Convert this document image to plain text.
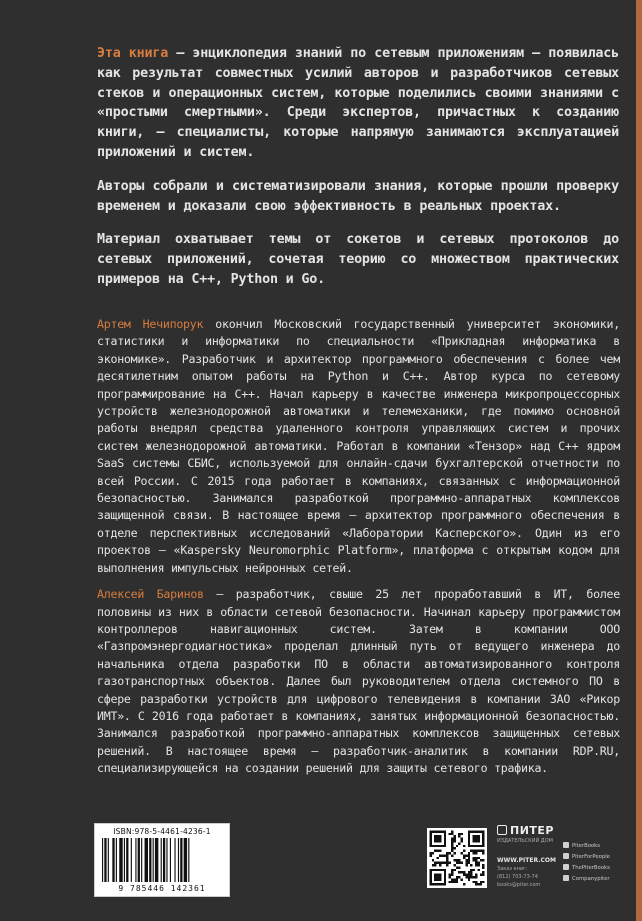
Эта книга — энциклопедия знаний по сетевым приложениям — появилась как результат совместных усилий авторов и разработчиков сетевых стеков и операционных систем, которые поделились своими знаниями с «простыми смертными». Среди экспертов, причастных к созданию книги, — специалисты, которые напрямую занимаются эксплуатацией приложений и систем.

Авторы собрали и систематизировали знания, которые прошли проверку временем и доказали свою эффективность в реальных проектах.

Материал охватывает темы от сокетов и сетевых протоколов до сетевых приложений, сочетая теорию со множеством практических примеров на C++, Python и Go.

Артем Нечипорук окончил Московский государственный университет экономики, статистики и информатики по специальности «Прикладная информатика в экономике». Разработчик и архитектор программного обеспечения с более чем десятилетним опытом работы на Python и C++. Автор курса по сетевому программирование на C++. Начал карьеру в качестве инженера микропроцессорных устройств железнодорожной автоматики и телемеханики, где помимо основной работы внедрял средства удаленного контроля управляющих систем и прочих систем железнодорожной автоматики. Работал в компании «Тензор» над C++ ядром SaaS системы СБИС, используемой для онлайн-сдачи бухгалтерской отчетности по всей России. С 2015 года работает в компаниях, связанных с информационной безопасностью. Занимался разработкой программно-аппаратных комплексов защищенной связи. В настоящее время — архитектор программного обеспечения в отделе перспективных исследований «Лаборатории Касперского». Один из его проектов — «Kaspersky Neuromorphic Platform», платформа с открытым кодом для выполнения импульсных нейронных сетей.

Алексей Баринов — разработчик, свыше 25 лет проработавший в ИТ, более половины из них в области сетевой безопасности. Начинал карьеру программистом контроллеров навигационных систем. Затем в компании ООО «Газпромэнергодиагностика» проделал длинный путь от ведущего инженера до начальника отдела разработки ПО в области автоматизированного контроля газотранспортных объектов. Далее был руководителем отдела системного ПО в сфере разработки устройств для цифрового телевидения в компании ЗАО «Рикор ИМТ». С 2016 года работает в компаниях, занятых информационной безопасностью. Занимался разработкой программно-аппаратных комплексов защищенных сетевых решений. В настоящее время — разработчик-аналитик в компании RDP.RU, специализирующейся на создании решений для защиты сетевого трафика.

ISBN:978-5-4461-4236-1
9 785446 142361
ПИТЕР
ИЗДАТЕЛЬСКИЙ ДОМ
WWW.PITER.COM
Заказ книг:
(812) 703-73-74
books@piter.com
PiterBooks
PiterForPeople
ThePiterBooks
Companypiter
